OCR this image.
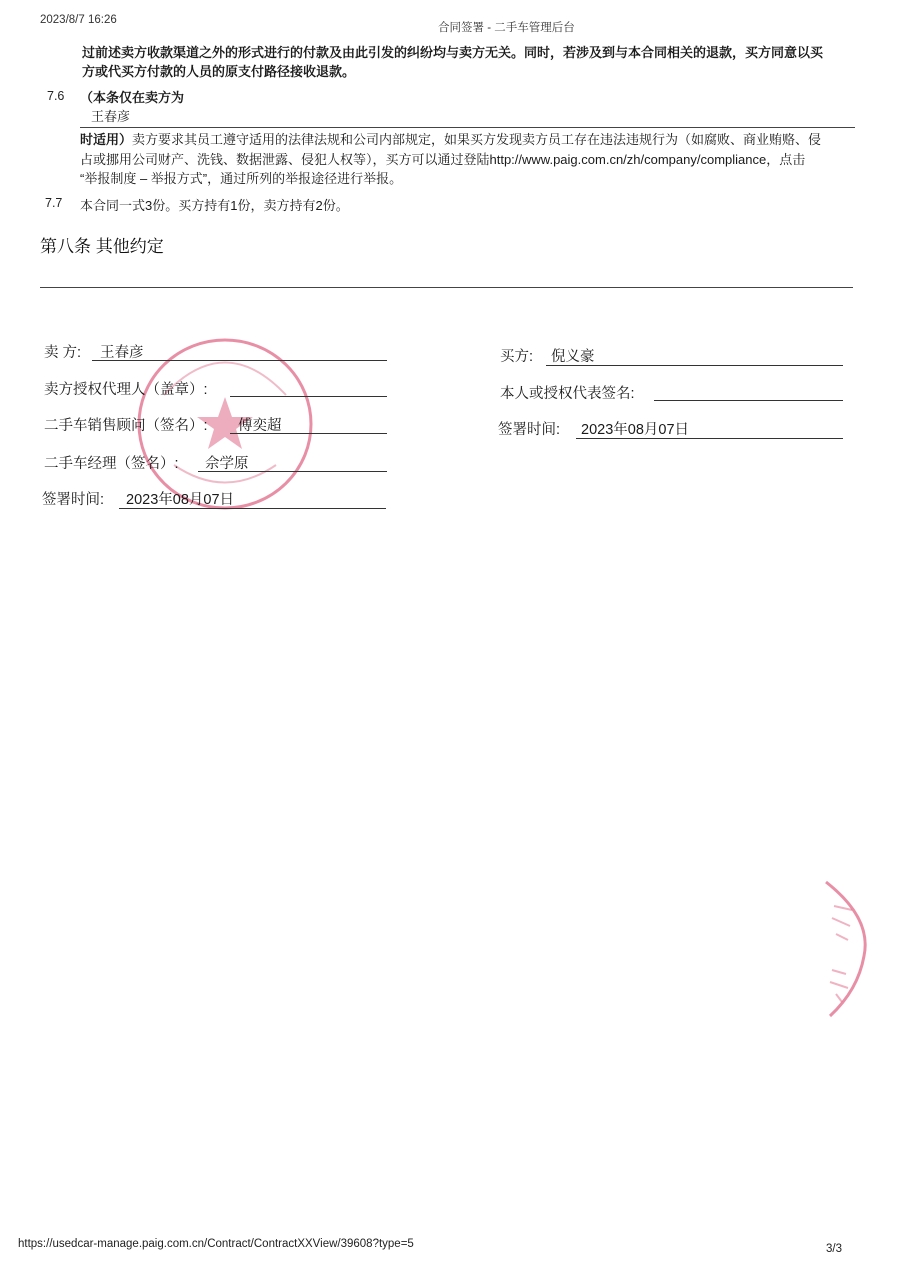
2023/8/7 16:26
合同签署 - 二手车管理后台
过前述卖方收款渠道之外的形式进行的付款及由此引发的纠纷均与卖方无关。同时，若涉及到与本合同相关的退款，买方同意以买
方或代买方付款的人员的原支付路径接收退款。
7.6 （本条仅在卖方为
王春彦
时适用）卖方要求其员工遵守适用的法律法规和公司内部规定，如果买方发现卖方员工存在违法违规行为（如腐败、商业贿赂、侵
占或挪用公司财产、洗钱、数据泄露、侵犯人权等），买方可以通过登陆http://www.paig.com.cn/zh/company/compliance，点击
“举报制度 – 举报方式”，通过所列的举报途径进行举报。
7.7 本合同一式3份。买方持有1份，卖方持有2份。
第八条 其他约定
卖 方: 王春彦
卖方授权代理人（盖章）:
二手车销售顾问（签名）: 傅奕超
二手车经理（签名）: 佘学原
签署时间: 2023年08月07日
买方: 倪义豪
本人或授权代表签名:
签署时间: 2023年08月07日
https://usedcar-manage.paig.com.cn/Contract/ContractXXView/39608?type=5	3/3
